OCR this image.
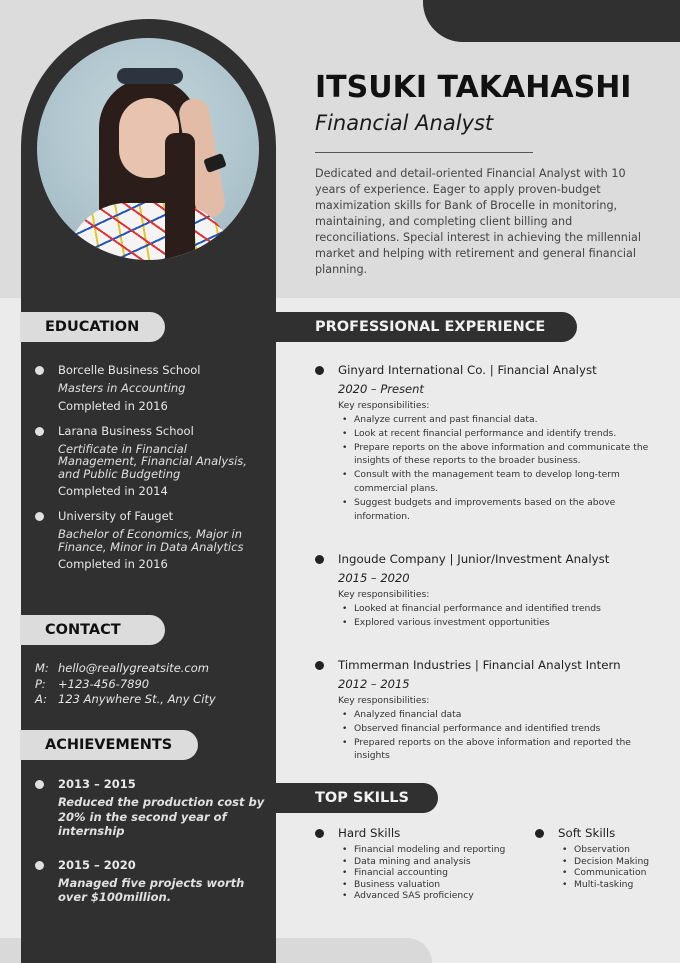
ITSUKI TAKAHASHI
Financial Analyst
Dedicated and detail-oriented Financial Analyst with 10 years of experience. Eager to apply proven-budget maximization skills for Bank of Brocelle in monitoring, maintaining, and completing client billing and reconciliations. Special interest in achieving the millennial market and helping with retirement and general financial planning.
EDUCATION
Borcelle Business School
Masters in Accounting
Completed in 2016
Larana Business School
Certificate in Financial Management, Financial Analysis, and Public Budgeting
Completed in 2014
University of Fauget
Bachelor of Economics, Major in Finance, Minor in Data Analytics
Completed in 2016
CONTACT
M: hello@reallygreatsite.com
P:	+123-456-7890
A: 123 Anywhere St., Any City
ACHIEVEMENTS
2013 – 2015
Reduced the production cost by 20% in the second year of internship
2015 – 2020
Managed five projects worth over $100million.
PROFESSIONAL EXPERIENCE
Ginyard International Co. | Financial Analyst
2020 – Present
Key responsibilities:
• Analyze current and past financial data.
• Look at recent financial performance and identify trends.
• Prepare reports on the above information and communicate the insights of these reports to the broader business.
• Consult with the management team to develop long-term commercial plans.
• Suggest budgets and improvements based on the above information.
Ingoude Company | Junior/Investment Analyst
2015 – 2020
Key responsibilities:
• Looked at financial performance and identified trends
• Explored various investment opportunities
Timmerman Industries | Financial Analyst Intern
2012 – 2015
Key responsibilities:
• Analyzed financial data
• Observed financial performance and identified trends
• Prepared reports on the above information and reported the insights
TOP SKILLS
Hard Skills
• Financial modeling and reporting
• Data mining and analysis
• Financial accounting
• Business valuation
• Advanced SAS proficiency
Soft Skills
• Observation
• Decision Making
• Communication
• Multi-tasking
